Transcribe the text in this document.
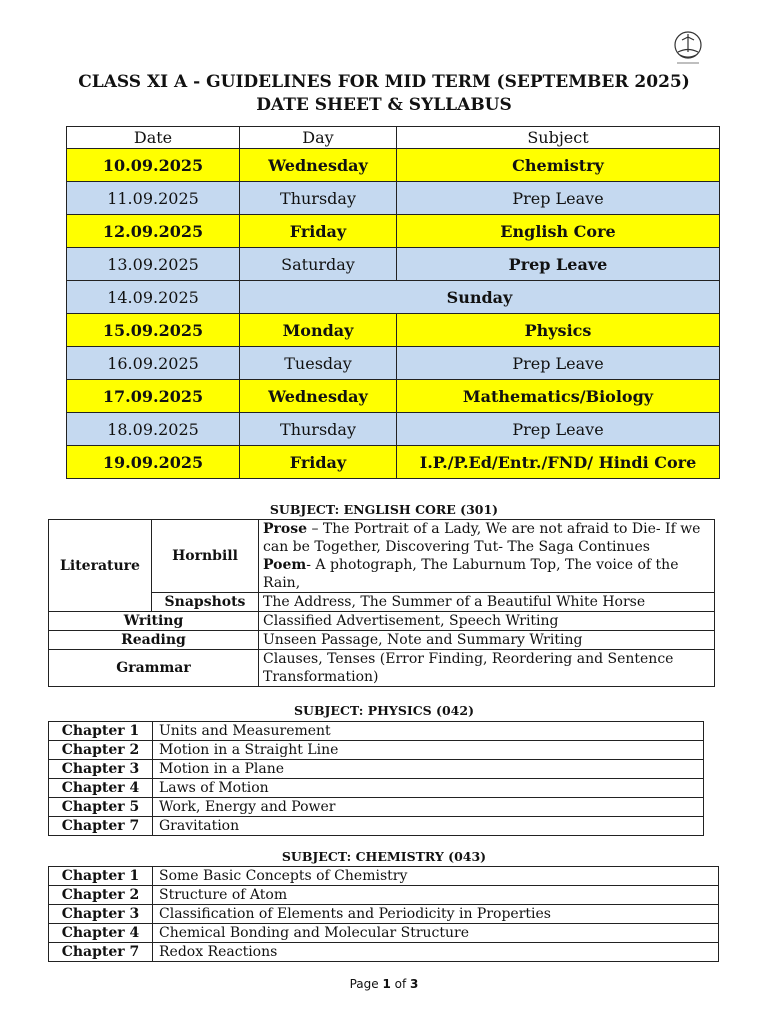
CLASS XI A - GUIDELINES FOR MID TERM (SEPTEMBER 2025)
DATE SHEET & SYLLABUS
Date	Day	Subject
10.09.2025	Wednesday	Chemistry
11.09.2025	Thursday	Prep Leave
12.09.2025	Friday	English Core
13.09.2025	Saturday	Prep Leave
14.09.2025	Sunday	
15.09.2025	Monday	Physics
16.09.2025	Tuesday	Prep Leave
17.09.2025	Wednesday	Mathematics/Biology
18.09.2025	Thursday	Prep Leave
19.09.2025	Friday	I.P./P.Ed/Entr./FND/ Hindi Core

SUBJECT: ENGLISH CORE (301)

Literature	Hornbill	Prose – The Portrait of a Lady, We are not afraid to Die- If we can be Together, Discovering Tut- The Saga Continues
Poem- A photograph, The Laburnum Top, The voice of the Rain,
	Snapshots	The Address, The Summer of a Beautiful White Horse
Writing		Classified Advertisement, Speech Writing
Reading		Unseen Passage, Note and Summary Writing
Grammar		Clauses, Tenses (Error Finding, Reordering and Sentence Transformation)

SUBJECT: PHYSICS (042)

Chapter 1	Units and Measurement
Chapter 2	Motion in a Straight Line
Chapter 3	Motion in a Plane
Chapter 4	Laws of Motion
Chapter 5	Work, Energy and Power
Chapter 7	Gravitation

SUBJECT: CHEMISTRY (043)

Chapter 1	Some Basic Concepts of Chemistry
Chapter 2	Structure of Atom
Chapter 3	Classification of Elements and Periodicity in Properties
Chapter 4	Chemical Bonding and Molecular Structure
Chapter 7	Redox Reactions
Page 1 of 3
